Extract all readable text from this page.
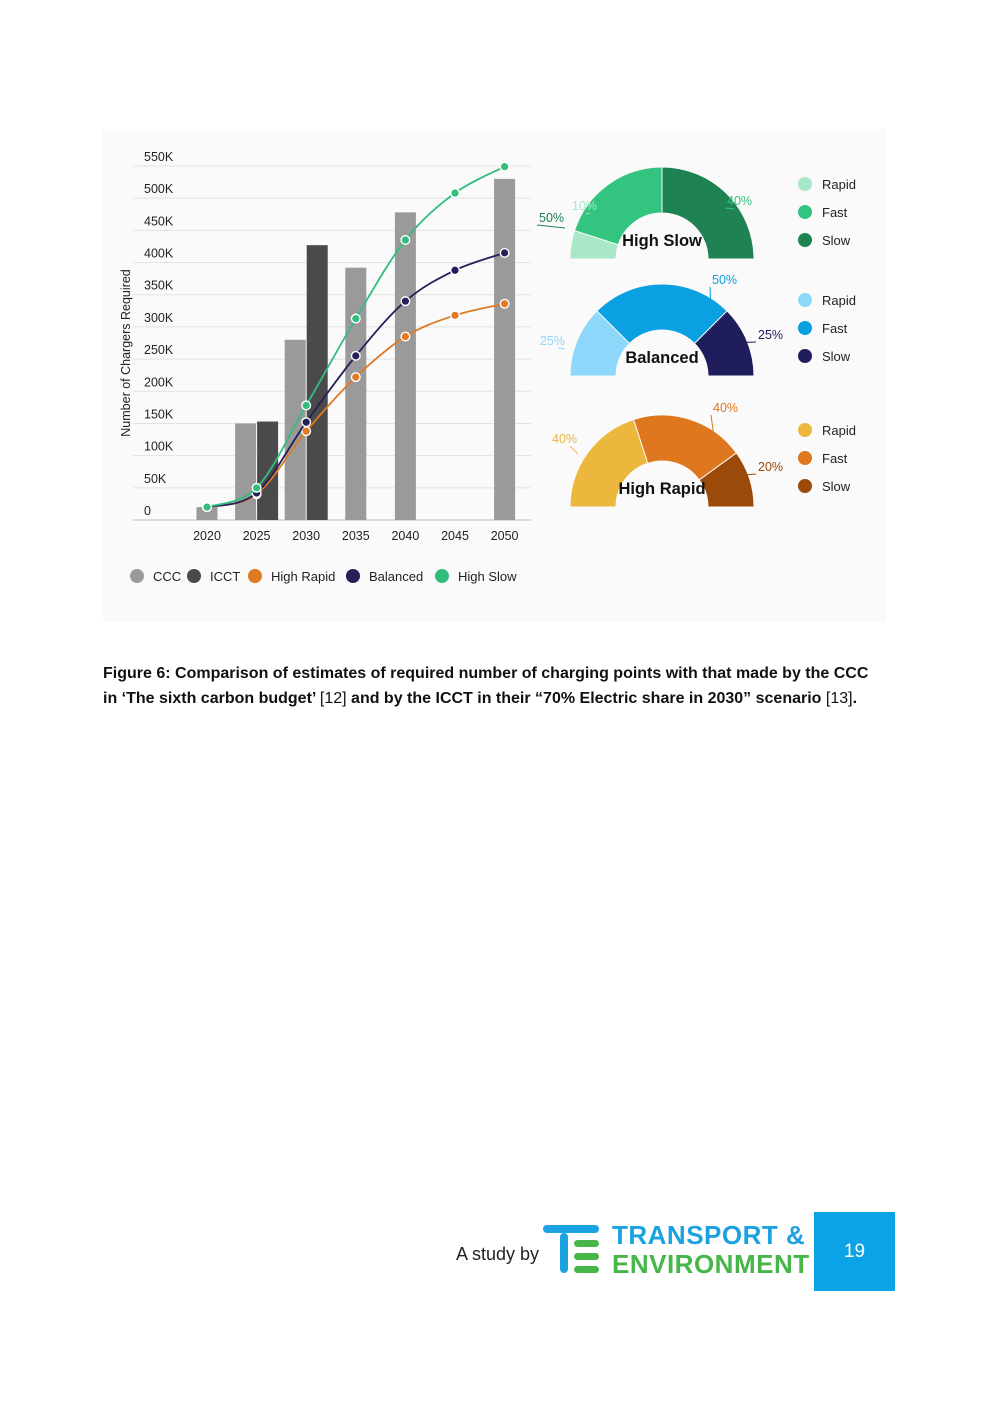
0
50K
100K
150K
200K
250K
300K
350K
400K
450K
500K
550K
Number of Chargers Required
2020 2025 2030 2035 2040 2045 2050
CCC ICCT High Rapid	Balanced	High Slow
10%	40%
50%
High Slow
Rapid
Fast
Slow
25%
50%
25%
Balanced
Rapid
Fast
Slow
40%
40%
20%
High Rapid
Rapid
Fast
Slow

Figure 6: Comparison of estimates of required number of charging points with that made by the CCC in ‘The sixth carbon budget’ [12] and by the ICCT in their “70% Electric share in 2030” scenario [13].

A study by
TRANSPORT &
ENVIRONMENT 19
